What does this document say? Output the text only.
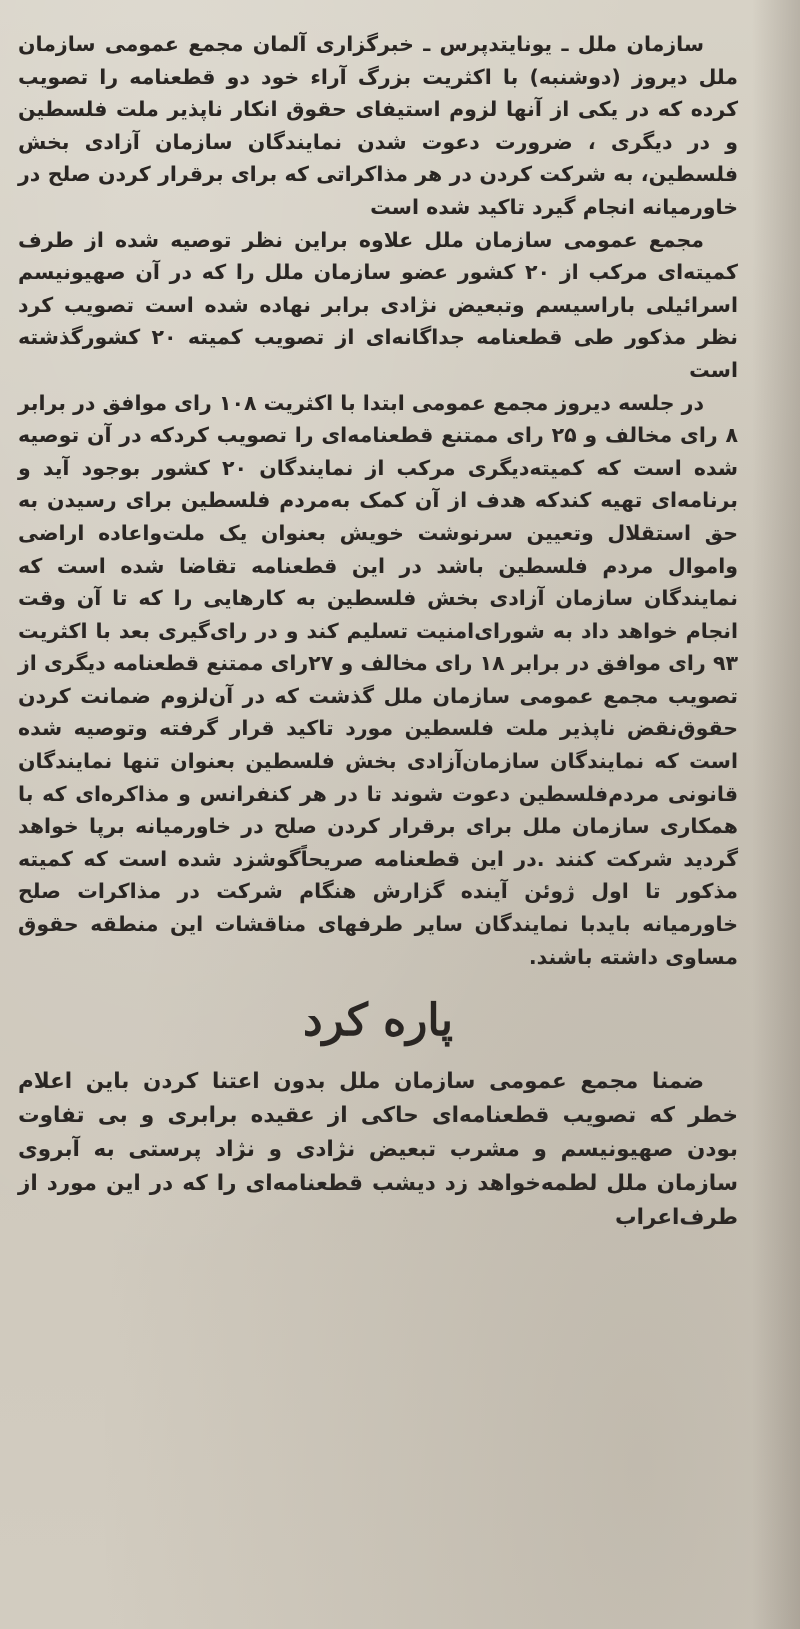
سازمان ملل ـ یونایتدپرس ـ خبرگزاری آلمان مجمع عمومی سازمان ملل دیروز (دوشنبه) با اکثریت بزرگ آراء خود دو قطعنامه را تصویب کرده که در یکی از آنها لزوم استیفای حقوق انکار ناپذیر ملت فلسطین و در دیگری ، ضرورت دعوت شدن نمایندگان سازمان آزادی بخش فلسطین، به شرکت کردن در هر مذاکراتی که برای برقرار کردن صلح در خاورمیانه انجام گیرد تاکید شده است

مجمع عمومی سازمان ملل علاوه براین نظر توصیه شده از طرف کمیته‌ای مرکب از ۲۰ کشور عضو سازمان ملل را که در آن صهیونیسم اسرائیلی باراسیسم وتبعیض نژادی برابر نهاده شده است تصویب کرد نظر مذکور طی قطعنامه جداگانه‌ای از تصویب کمیته ۲۰ کشورگذشته است

در جلسه دیروز مجمع عمومی ابتدا با اکثریت ۱۰۸ رای موافق در برابر ۸ رای مخالف و ۲۵ رای ممتنع قطعنامه‌ای را تصویب کردکه در آن توصیه شده است که کمیته‌دیگری مرکب از نمایندگان ۲۰ کشور بوجود آید و برنامه‌ای تهیه کندکه هدف از آن کمک به‌مردم فلسطین برای رسیدن به حق استقلال وتعیین سرنوشت خویش بعنوان یک ملت‌واعاده اراضی واموال مردم فلسطین باشد در این قطعنامه تقاضا شده است که نمایندگان سازمان آزادی بخش فلسطین به کارهایی را که تا آن وقت انجام خواهد داد به شورای‌امنیت تسلیم کند و در رای‌گیری بعد با اکثریت ۹۳ رای موافق در برابر ۱۸ رای مخالف و ۲۷رای ممتنع قطعنامه دیگری از تصویب مجمع عمومی سازمان ملل گذشت که در آن‌لزوم ضمانت کردن حقوق‌نقض ناپذیر ملت فلسطین مورد تاکید قرار گرفته وتوصیه شده است که نمایندگان سازمان‌آزادی بخش فلسطین بعنوان تنها نمایندگان قانونی مردم‌فلسطین دعوت شوند تا در هر کنفرانس و مذاکره‌ای که با همکاری سازمان ملل برای برقرار کردن صلح در خاورمیانه برپا خواهد گردید شرکت کنند .در این قطعنامه صریحاً‌گوشزد شده است که کمیته مذکور تا اول ژوئن آینده گزارش هنگام شرکت در مذاکرات صلح خاورمیانه بایدبا نمایندگان سایر طرفهای مناقشات این منطقه حقوق مساوی داشته باشند.

پاره کرد

ضمنا مجمع عمومی سازمان ملل بدون اعتنا کردن باین اعلام خطر که تصویب قطعنامه‌ای حاکی از عقیده برابری و بی تفاوت بودن صهیونیسم و مشرب تبعیض نژادی و نژاد پرستی به آبروی سازمان ملل لطمه‌خواهد زد دیشب قطعنامه‌ای را که در این مورد از طرف‌اعراب
